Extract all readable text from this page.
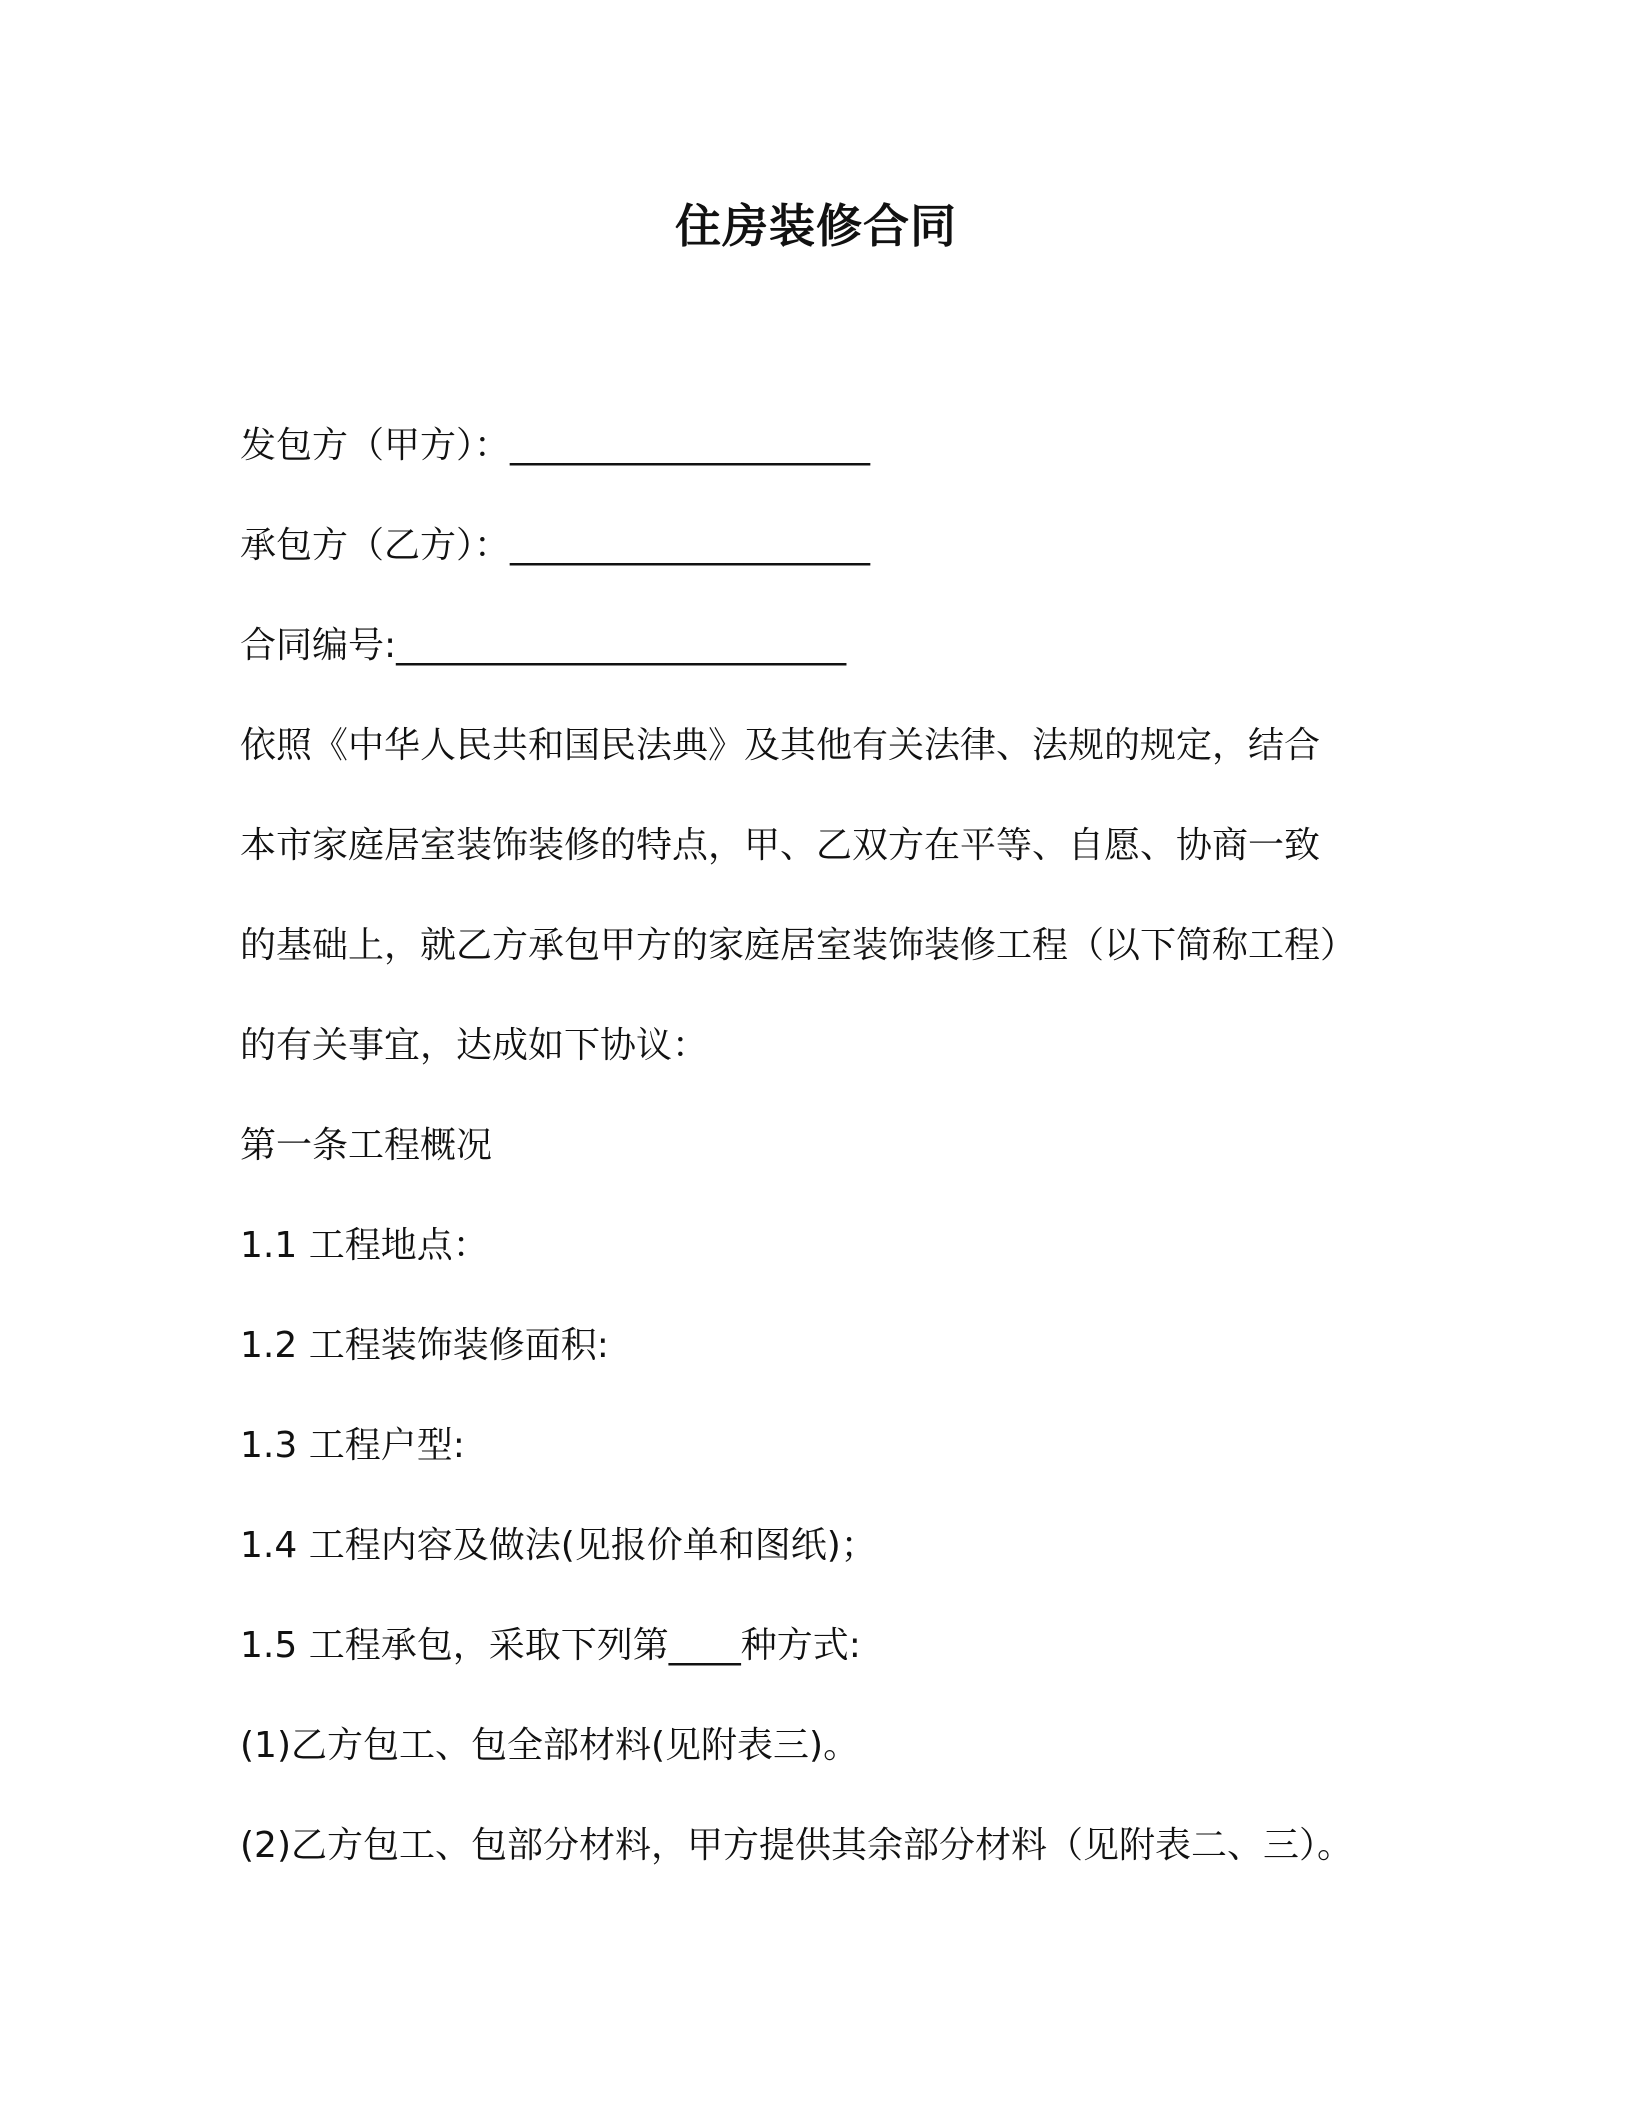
住房装修合同

发包方（甲方）：____________________

承包方（乙方）：____________________

合同编号:_________________________

依照《中华人民共和国民法典》及其他有关法律、法规的规定，结合

本市家庭居室装饰装修的特点，甲、乙双方在平等、自愿、协商一致

的基础上，就乙方承包甲方的家庭居室装饰装修工程（以下简称工程）

的有关事宜，达成如下协议：

第一条工程概况

1.1 工程地点：

1.2 工程装饰装修面积:

1.3 工程户型:

1.4 工程内容及做法(见报价单和图纸)；

1.5 工程承包，采取下列第____种方式:

(1)乙方包工、包全部材料(见附表三)。

(2)乙方包工、包部分材料，甲方提供其余部分材料（见附表二、三）。
